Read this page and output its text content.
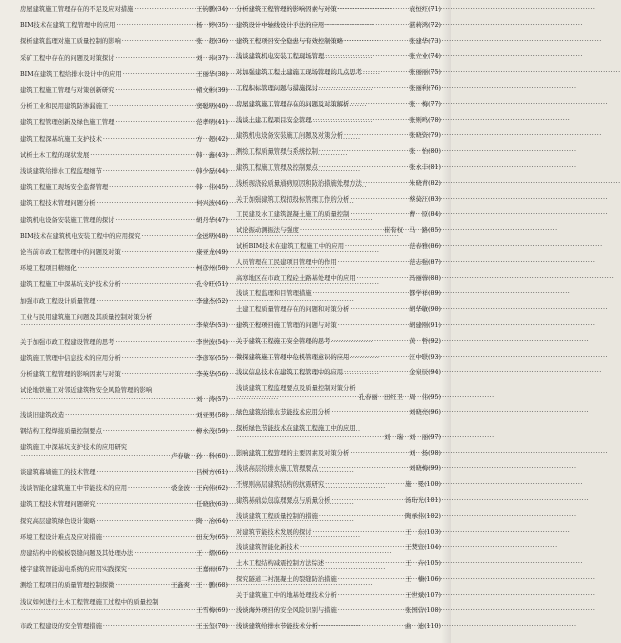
房屋建筑施工管理存在的不足及应对措施 ·····	王钧鹏(34)
BIM技术在建筑工程管理中的应用 ·····	杨　婷(35)
探析建筑监理对施工质量控制的影响 ·····	张　超(36)
采矿工程中存在的问题及对策探讨 ·····	刘　玮(37)
BIM在建筑工程给排水设计中的应用 ·····	王丽华(38)
建筑工程施工管理与对策创新研究 ·····	褚文彬(39)
分析工业和民用建筑防渗漏施工 ·····	窦聪明(40)
建筑工程管理创新及绿色施工管理 ·····	范孝明(41)
建筑工程深基坑施工支护技术 ·····	方　超(42)
试析土木工程的现状发展 ·····	韩　鑫(43)
浅谈建筑给排水工程监理细节 ·····	韩少磊(44)
建筑工程施工现场安全监督管理 ·····	韩　伟(45)
建筑工程技术管理问题分析 ·····	何兴波(46)
建筑机电设备安装施工管理的探讨 ·····	胡月华(47)
BIM技术在建筑机电安装工程中的应用探究 ·····	金远明(48)
论当前市政工程管理中的问题及对策 ·····	康亚龙(49)
环境工程项目精细化 ·····	柯彦州(50)
建筑工程施工中深基坑支护技术分析 ·····	孔令旺(51)
加强市政工程设计质量管理 ·····	李建杰(52)
工业与民用建筑施工问题及其质量控制对策分析
·····
李荣华(53)
关于加强市政工程建设管理的思考 ·····	李世波(54)
建筑施工管理中信息技术的应用分析 ·····	李彦军(55)
分析建筑工程管理的影响因素与对策 ·····	李英华(56)
试论地铁施工对邻近建筑物安全风险管理的影响
·····
刘　涛(57)
浅谈旧建筑改造 ·····	刘亚男(58)
钢结构工程焊接质量控制要点 ·····	柳永茂(59)
建筑施工中深基坑支护技术的应用研究
·····
卢春敏　孙　科(60)
谈建筑幕墙施工的技术管理 ·····	吕树方(61)
浅谈智能化建筑施工中节能技术的应用 ·····	裘金波　王向伟(62)
建筑工程技术管理问题研究 ·····	任晓欣(63)
探究高层建筑绿色设计策略 ·····	陶　冶(64)
环境工程设计难点及应对措施 ·····	田友为(65)
房建结构中的模板裂缝问题及其处理办法 ·····	王　熠(66)
楼宇建筑智能弱电系统的应用实践探究 ·····	王嘉雨(67)
测绘工程项目的质量管理控制探微 ·····	王鑫爽　王　鹏(68)
浅议如何进行土木工程管理施工过程中的质量控制
·····
王雪梅(69)
市政工程建设的安全管理措施 ·····	王玉玺(70)
分析建筑工程管理的影响因素与对策 ·····	袁恒红(71)
建筑设计中轴线设计手法的应用 ·····	湛莉鸿(72)
建筑工程项目安全隐患与有效控制策略 ·····	张建华(73)
浅谈建筑机电安装工程现场管理 ·····	张立业(74)
对加强建筑工程土建施工现场管理的几点思考 ·····	张丽丽(75)
工程积标管理问题与措施探讨 ·····	张丽利(76)
房屋建筑施工管理存在的问题及对策解析 ·····	张　梅(77)
浅谈土建工程项目安全管理 ·····	张则鸣(78)
建筑机电设备安装施工问题及对策分析 ·····	张晓资(79)
测绘工程质量管理与系统控制 ·····	张　怡(80)
建筑工程施工管理及控制要点 ·····	张永丰(81)
浅析现浇砼质量通病原因和防治措施处理方法 ·····	朱晓青(82)
关于加强建筑工程招投标管理工作的分析 ·····	蔡莫江(83)
工民建及水工建筑混凝土施工的质量控制 ·····	曹　原(84)
试论振动测振法与强度 ·····	崔有权　马　路(85)
试析BIM技术在建筑工程施工中的应用 ·····	范春雅(86)
人员管理在工民建项目管理中的作用 ·····	范志强(87)
高寒地区在市政工程砼土路基处理中的应用 ·····	冯丽蓉(88)
浅谈工程监理和目管理措施 ·····	都学祥(89)
土建工程质量管理存在的问题和对策分析 ·····	胡华敏(90)
建筑工程项目施工管理的问题与对策 ·····	胡建刚(91)
关于建筑工程施工安全管理的思考 ·····	黄　哲(92)
微探建筑施工管理中危机管理意识的应用 ·····	江中联(93)
浅议信息技术在建筑工程管理中的应用 ·····	金泉辰(94)
浅谈建筑工程监理要点及质量控制对策分析
·····
孔春丽　田红卫　周　伟(95)
绿色建筑给排水节能技术应用分析 ·····	刘晓亮(96)
探析绿色节能技术在建筑工程施工中的应用
·····
刘　瑞　刘　丽(97)
影响建筑工程管理的主要因素及对策分析 ·····	刘　扬(98)
浅谈高层给排水施工管理要点 ·····	刘晓梅(99)
不规则高层建筑结构的抗震研究 ·····	施　冕(100)
建筑基础总包监理要点与质量分析 ·····	汤珩光(101)
浅谈建筑工程质量控制的措施 ·····	陶承伟(102)
对建筑节能技术发展的探讨 ·····	王　东(103)
浅谈建筑智能化新技术 ·····	王焚宣(104)
土木工程结构减震控制方法综述 ·····	王　卉(105)
探究隧道二衬混凝土的裂缝防治措施 ·····	王　楠(106)
关于建筑施工中的地基处理技术分析 ·····	王世斌(107)
浅谈海外项目的安全风险识别与措施 ·····	张国营(108)
浅谈建筑给排水节能技术分析 ·····	曲　迪(110)
